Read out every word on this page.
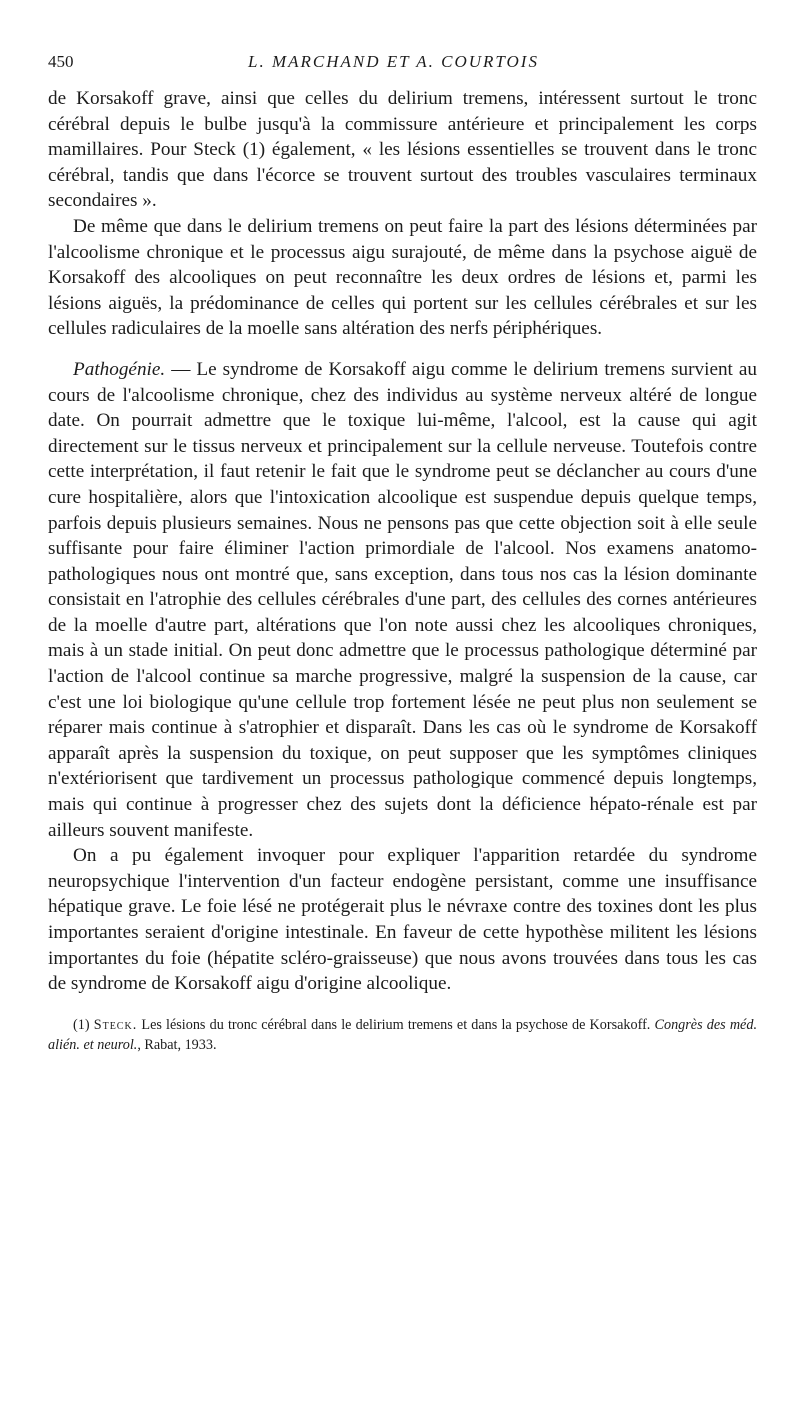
450	L. MARCHAND ET A. COURTOIS

de Korsakoff grave, ainsi que celles du delirium tremens, intéressent surtout le tronc cérébral depuis le bulbe jusqu'à la commissure antérieure et principalement les corps mamillaires. Pour Steck (1) également, « les lésions essentielles se trouvent dans le tronc cérébral, tandis que dans l'écorce se trouvent surtout des troubles vasculaires terminaux secondaires ».

De même que dans le delirium tremens on peut faire la part des lésions déterminées par l'alcoolisme chronique et le processus aigu surajouté, de même dans la psychose aiguë de Korsakoff des alcooliques on peut reconnaître les deux ordres de lésions et, parmi les lésions aiguës, la prédominance de celles qui portent sur les cellules cérébrales et sur les cellules radiculaires de la moelle sans altération des nerfs périphériques.

Pathogénie. — Le syndrome de Korsakoff aigu comme le delirium tremens survient au cours de l'alcoolisme chronique, chez des individus au système nerveux altéré de longue date. On pourrait admettre que le toxique lui-même, l'alcool, est la cause qui agit directement sur le tissus nerveux et principalement sur la cellule nerveuse. Toutefois contre cette interprétation, il faut retenir le fait que le syndrome peut se déclancher au cours d'une cure hospitalière, alors que l'intoxication alcoolique est suspendue depuis quelque temps, parfois depuis plusieurs semaines. Nous ne pensons pas que cette objection soit à elle seule suffisante pour faire éliminer l'action primordiale de l'alcool. Nos examens anatomo-pathologiques nous ont montré que, sans exception, dans tous nos cas la lésion dominante consistait en l'atrophie des cellules cérébrales d'une part, des cellules des cornes antérieures de la moelle d'autre part, altérations que l'on note aussi chez les alcooliques chroniques, mais à un stade initial. On peut donc admettre que le processus pathologique déterminé par l'action de l'alcool continue sa marche progressive, malgré la suspension de la cause, car c'est une loi biologique qu'une cellule trop fortement lésée ne peut plus non seulement se réparer mais continue à s'atrophier et disparaît. Dans les cas où le syndrome de Korsakoff apparaît après la suspension du toxique, on peut supposer que les symptômes cliniques n'extériorisent que tardivement un processus pathologique commencé depuis longtemps, mais qui continue à progresser chez des sujets dont la déficience hépato-rénale est par ailleurs souvent manifeste.

On a pu également invoquer pour expliquer l'apparition retardée du syndrome neuropsychique l'intervention d'un facteur endogène persistant, comme une insuffisance hépatique grave. Le foie lésé ne protégerait plus le névraxe contre des toxines dont les plus importantes seraient d'origine intestinale. En faveur de cette hypothèse militent les lésions importantes du foie (hépatite scléro-graisseuse) que nous avons trouvées dans tous les cas de syndrome de Korsakoff aigu d'origine alcoolique.

(1) Steck. Les lésions du tronc cérébral dans le delirium tremens et dans la psychose de Korsakoff. Congrès des méd. alién. et neurol., Rabat, 1933.
